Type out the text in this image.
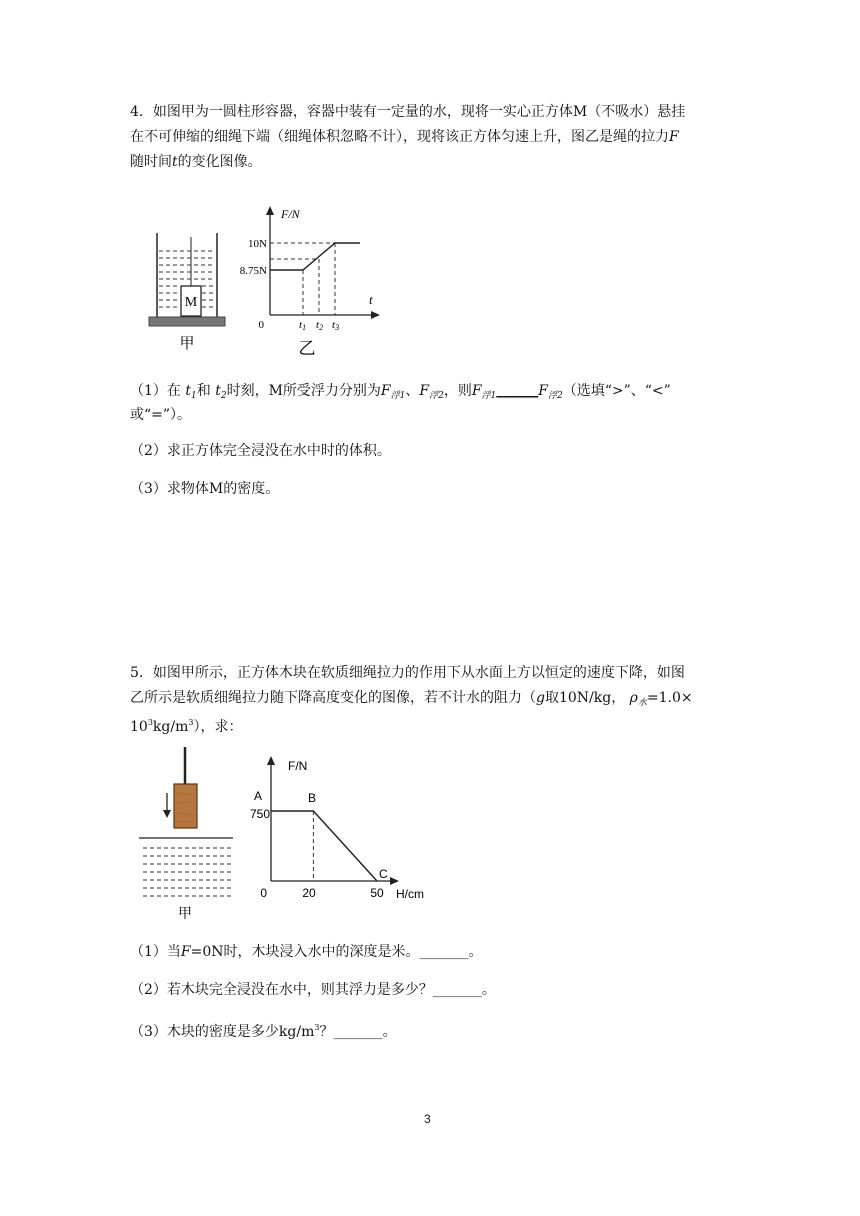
4．如图甲为一圆柱形容器，容器中装有一定量的水，现将一实心正方体M（不吸水）悬挂
在不可伸缩的细绳下端（细绳体积忽略不计），现将该正方体匀速上升，图乙是绳的拉力F
随时间t的变化图像。
M
甲
F/N
t
0
10N
8.75N
t1 t2 t3
乙
（1）在 $t_1$和 $t_2$时刻，M所受浮力分别为$F_{浮1}$、$F_{浮2}$，则$F_{浮1}\_\_\_\_\_\_F_{浮2}$（选填“>”、“<”
或“=”）。
（2）求正方体完全浸没在水中时的体积。
（3）求物体M的密度。
5．如图甲所示，正方体木块在软质细绳拉力的作用下从水面上方以恒定的速度下降，如图
乙所示是软质细绳拉力随下降高度变化的图像，若不计水的阻力（g取10N/kg， $\rho_水=1.0\times$
$10^3kg/m^3$），求：
甲
F/N
H/cm
0
A
750
B
C
20	50
（1）当F=0N时，木块浸入水中的深度是米。_______。
（2）若木块完全浸没在水中，则其浮力是多少？_______。
（3）木块的密度是多少$kg/m^3$？_______。
3
